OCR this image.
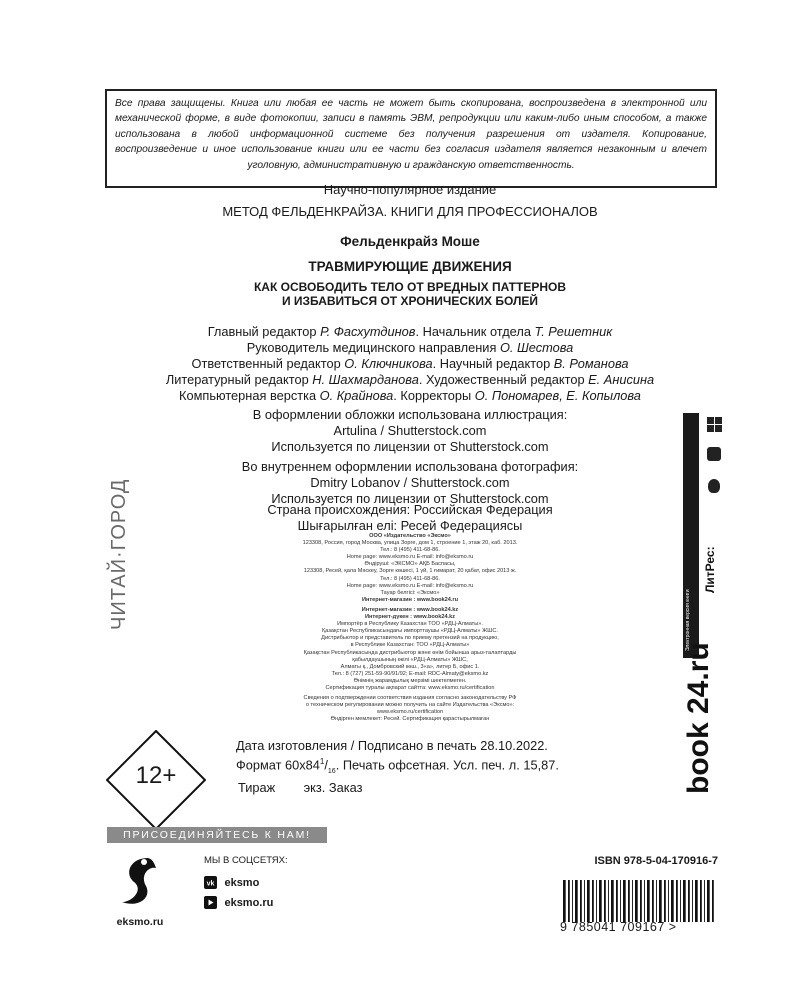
Все права защищены. Книга или любая ее часть не может быть скопирована, воспроизведена в электронной или механической форме, в виде фотокопии, записи в память ЭВМ, репродукции или каким-либо иным способом, а также использована в любой информационной системе без получения разрешения от издателя. Копирование, воспроизведение и иное использование книги или ее части без согласия издателя является незаконным и влечет уголовную, административную и гражданскую ответственность.
Научно-популярное издание
МЕТОД ФЕЛЬДЕНКРАЙЗА. КНИГИ ДЛЯ ПРОФЕССИОНАЛОВ
Фельденкрайз Моше
ТРАВМИРУЮЩИЕ ДВИЖЕНИЯ
КАК ОСВОБОДИТЬ ТЕЛО ОТ ВРЕДНЫХ ПАТТЕРНОВ
И ИЗБАВИТЬСЯ ОТ ХРОНИЧЕСКИХ БОЛЕЙ
Главный редактор Р. Фасхутдинов. Начальник отдела Т. Решетник
Руководитель медицинского направления О. Шестова
Ответственный редактор О. Ключникова. Научный редактор В. Романова
Литературный редактор Н. Шахмарданова. Художественный редактор Е. Анисина
Компьютерная верстка О. Крайнова. Корректоры О. Пономарев, Е. Копылова
В оформлении обложки использована иллюстрация:
Artulina / Shutterstock.com
Используется по лицензии от Shutterstock.com
Во внутреннем оформлении использована фотография:
Dmitry Lobanov / Shutterstock.com
Используется по лицензии от Shutterstock.com
Страна происхождения: Российская Федерация
Шығарылған елі: Ресей Федерациясы
ООО «Издательство «Эксмо»
123308, Россия, город Москва, улица Зорге, дом 1, строение 1, этаж 20, каб. 2013.
Тел.: 8 (495) 411-68-86.
Home page: www.eksmo.ru E-mail: info@eksmo.ru
Өндіруші: «ЭКСМО» АҚБ Баспасы,
123308, Ресей, қала Мәскеу, Зорге көшесі, 1 үй, 1 ғимарат, 20 қабат, офис 2013 ж.
Тел.: 8 (495) 411-68-86.
Home page: www.eksmo.ru E-mail: info@eksmo.ru
Тауар белгісі: «Эксмо»
Интернет-магазин : www.book24.ru
Интернет-магазин : www.book24.kz
Интернет-дүкен : www.book24.kz
Импортёр в Республику Казахстан ТОО «РДЦ-Алматы».
Қазақстан Республикасындағы импорттаушы «РДЦ-Алматы» ЖШС.
Дистрибьютор и представитель по приему претензий на продукцию,
в Республике Казахстан: ТОО «РДЦ-Алматы»
Қазақстан Республикасында дистрибьютор және өнім бойынша арыз-талаптарды
қабылдаушының өкілі «РДЦ-Алматы» ЖШС,
Алматы қ., Домбровский көш., 3«а», литер Б, офис 1.
Тел.: 8 (727) 251-59-90/91/92; E-mail: RDC-Almaty@eksmo.kz
Өнімнің жарамдылық мерзімі шектелмеген.
Сертификация туралы ақпарат сайтта: www.eksmo.ru/certification
Сведения о подтверждении соответствия издания согласно законодательству РФ
о техническом регулировании можно получить на сайте Издательства «Эксмо»:
www.eksmo.ru/certification
Өндірген мемлекет: Ресей. Сертификация қарастырылмаған
Дата изготовления / Подписано в печать 28.10.2022.
Формат $60х84^1/_{16}$. Печать офсетная. Усл. печ. л. 15,87.
Тираж        экз. Заказ
12+
ПРИСОЕДИНЯЙТЕСЬ К НАМ!
eksmo.ru
МЫ В СОЦСЕТЯХ:
vk eksmo
eksmo.ru
ISBN 978-5-04-170916-7
9 785041 709167 >
ЧИТАЙ·ГОРОД	Электронная версия книги
ЛитРес:
book 24.ru
